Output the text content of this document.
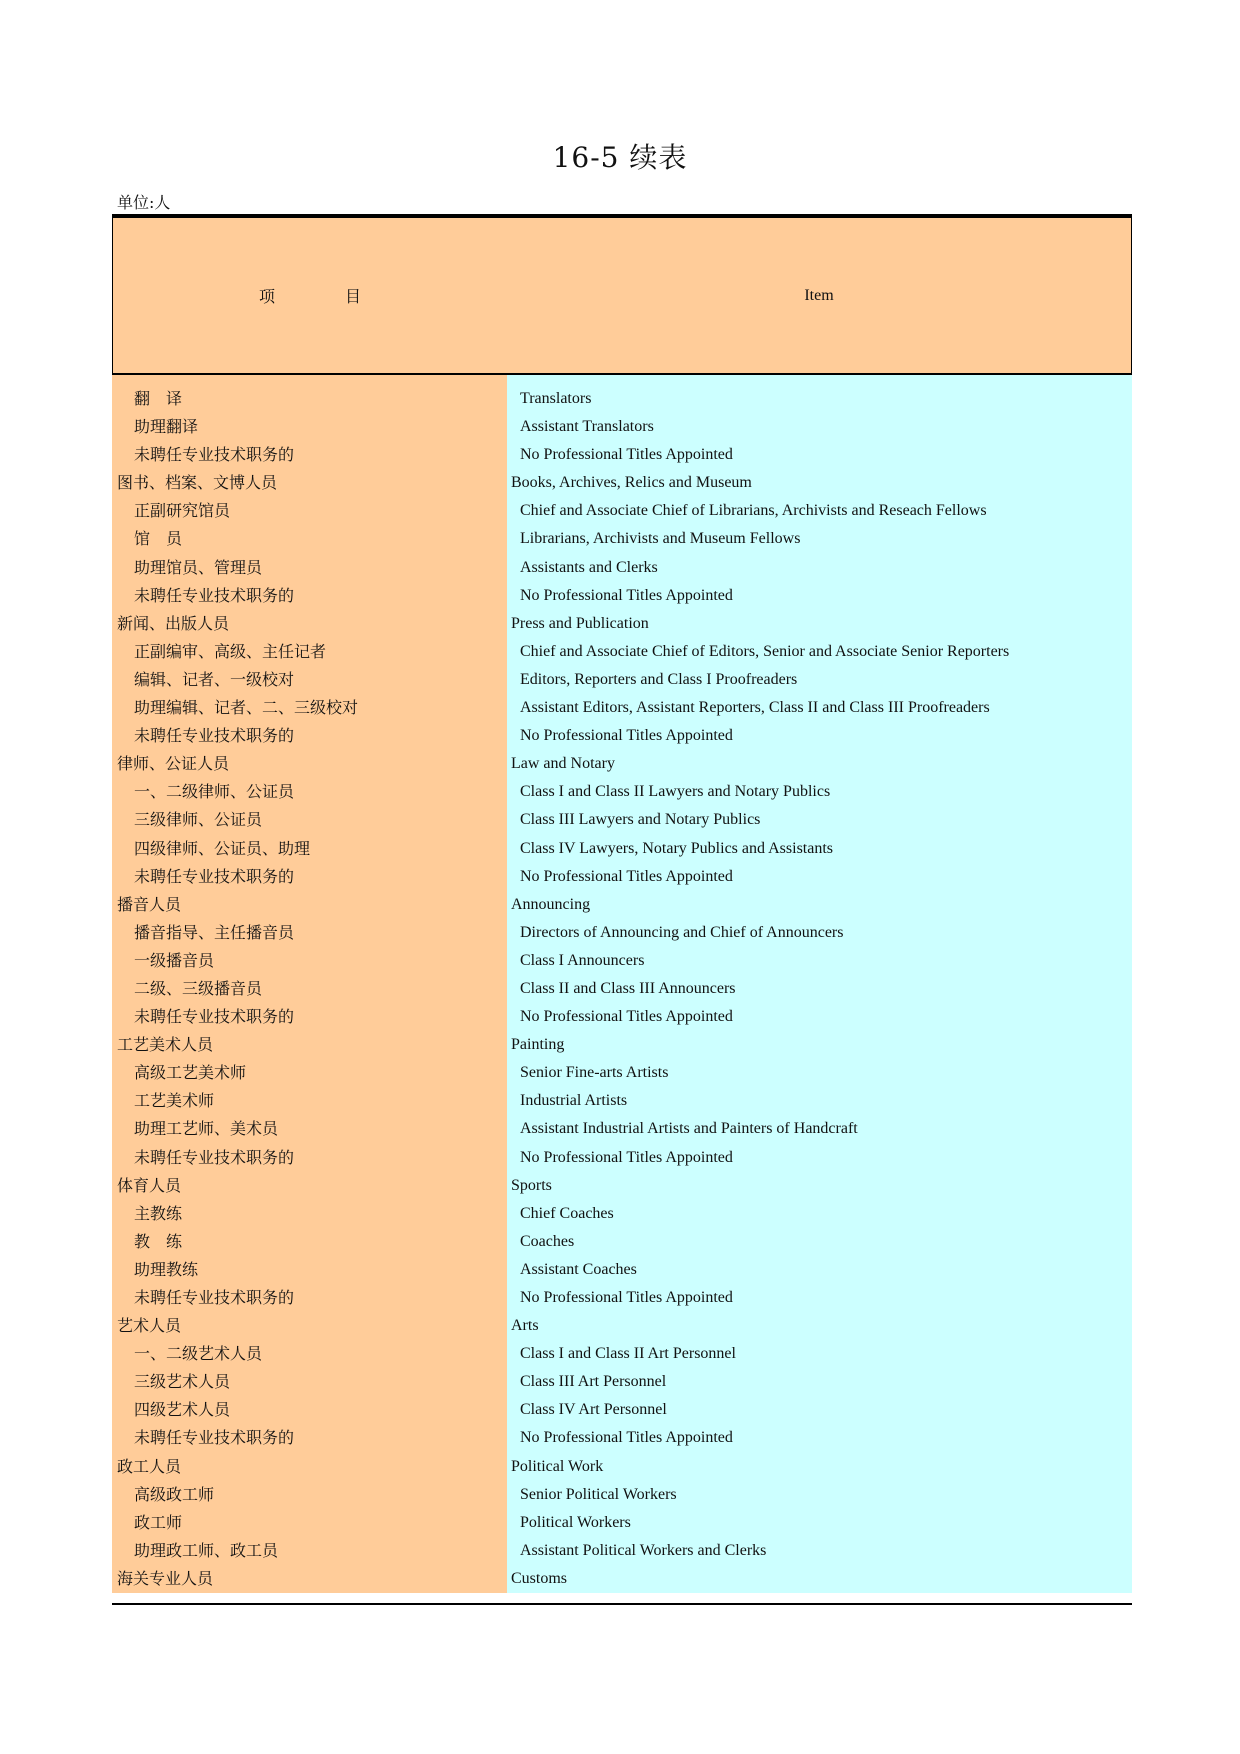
16-5 续表
单位:人
项	目	Item
翻　译
助理翻译
未聘任专业技术职务的
图书、档案、文博人员
正副研究馆员
馆　员
助理馆员、管理员
未聘任专业技术职务的
新闻、出版人员
正副编审、高级、主任记者
编辑、记者、一级校对
助理编辑、记者、二、三级校对
未聘任专业技术职务的
律师、公证人员
一、二级律师、公证员
三级律师、公证员
四级律师、公证员、助理
未聘任专业技术职务的
播音人员
播音指导、主任播音员
一级播音员
二级、三级播音员
未聘任专业技术职务的
工艺美术人员
高级工艺美术师
工艺美术师
助理工艺师、美术员
未聘任专业技术职务的
体育人员
主教练
教　练
助理教练
未聘任专业技术职务的
艺术人员
一、二级艺术人员
三级艺术人员
四级艺术人员
未聘任专业技术职务的
政工人员
高级政工师
政工师
助理政工师、政工员
海关专业人员
Translators
Assistant Translators
No Professional Titles Appointed
Books, Archives, Relics and Museum
Chief and Associate Chief of Librarians, Archivists and Reseach Fellows
Librarians, Archivists and Museum Fellows
Assistants and Clerks
No Professional Titles Appointed
Press and Publication
Chief and Associate Chief of Editors, Senior and Associate Senior Reporters
Editors, Reporters and Class I Proofreaders
Assistant Editors, Assistant Reporters, Class II and Class III Proofreaders
No Professional Titles Appointed
Law and Notary
Class I and Class II Lawyers and Notary Publics
Class III Lawyers and Notary Publics
Class IV Lawyers, Notary Publics and Assistants
No Professional Titles Appointed
Announcing
Directors of Announcing and Chief of Announcers
Class I Announcers
Class II and Class III Announcers
No Professional Titles Appointed
Painting
Senior Fine-arts Artists
Industrial Artists
Assistant Industrial Artists and Painters of Handcraft
No Professional Titles Appointed
Sports
Chief Coaches
Coaches
Assistant Coaches
No Professional Titles Appointed
Arts
Class I and Class II Art Personnel
Class III Art Personnel
Class IV Art Personnel
No Professional Titles Appointed
Political Work
Senior Political Workers
Political Workers
Assistant Political Workers and Clerks
Customs
